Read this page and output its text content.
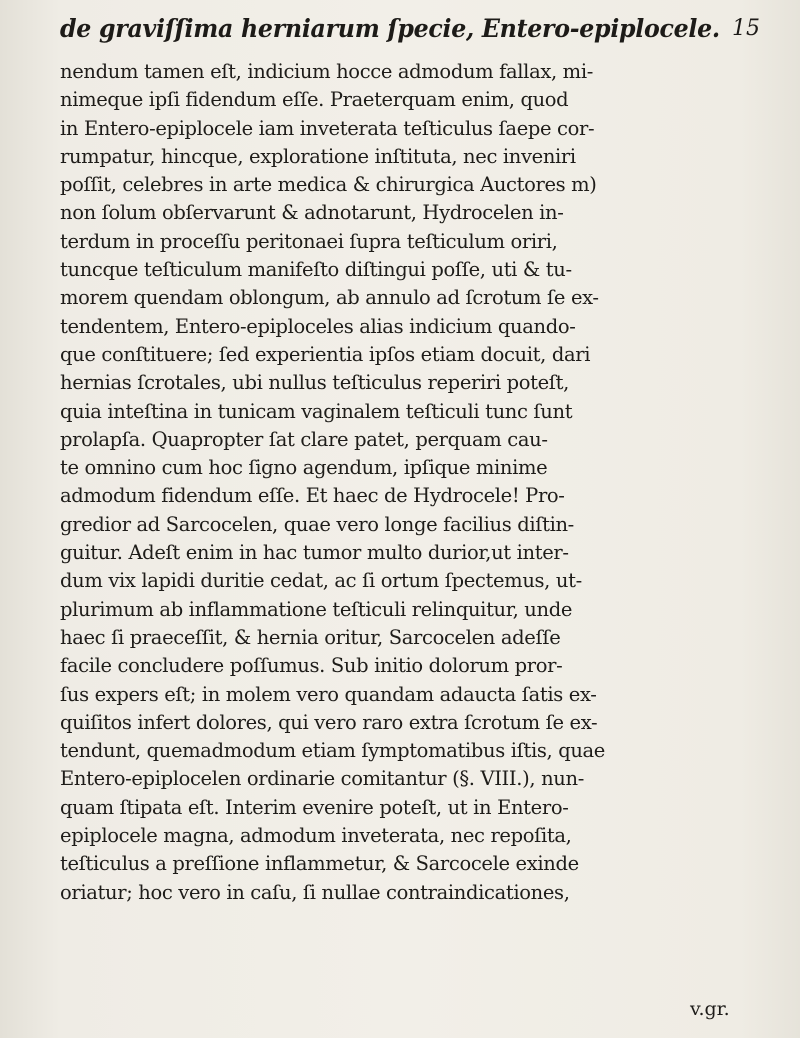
de graviſſima herniarum ſpecie, Entero-epiplocele. 15
nendum tamen eſt, indicium hocce admodum fallax, mi-
nimeque ipſi fidendum eſſe. Praeterquam enim, quod
in Entero-epiplocele iam inveterata teſticulus ſaepe cor-
rumpatur, hincque, exploratione inſtituta, nec inveniri
poſſit, celebres in arte medica & chirurgica Auctores m)
non ſolum obſervarunt & adnotarunt, Hydrocelen in-
terdum in proceſſu peritonaei ſupra teſticulum oriri,
tuncque teſticulum manifeſto diſtingui poſſe, uti & tu-
morem quendam oblongum, ab annulo ad ſcrotum ſe ex-
tendentem, Entero-epiploceles alias indicium quando-
que conſtituere; ſed experientia ipſos etiam docuit, dari
hernias ſcrotales, ubi nullus teſticulus reperiri poteſt,
quia inteſtina in tunicam vaginalem teſticuli tunc ſunt
prolapſa. Quapropter ſat clare patet, perquam cau-
te omnino cum hoc ſigno agendum, ipſique minime
admodum fidendum eſſe. Et haec de Hydrocele! Pro-
gredior ad Sarcocelen, quae vero longe facilius diſtin-
guitur. Adeſt enim in hac tumor multo durior,ut inter-
dum vix lapidi duritie cedat, ac ſi ortum ſpectemus, ut-
plurimum ab inflammatione teſticuli relinquitur, unde
haec ſi praeceſſit, & hernia oritur, Sarcocelen adeſſe
facile concludere poſſumus. Sub initio dolorum pror-
ſus expers eſt; in molem vero quandam adaucta ſatis ex-
quiſitos infert dolores, qui vero raro extra ſcrotum ſe ex-
tendunt, quemadmodum etiam ſymptomatibus iſtis, quae
Entero-epiplocelen ordinarie comitantur (§. VIII.), nun-
quam ſtipata eſt. Interim evenire poteſt, ut in Entero-
epiplocele magna, admodum inveterata, nec repoſita,
teſticulus a preſſione inflammetur, & Sarcocele exinde
oriatur; hoc vero in caſu, ſi nullae contraindicationes,
v.gr.
